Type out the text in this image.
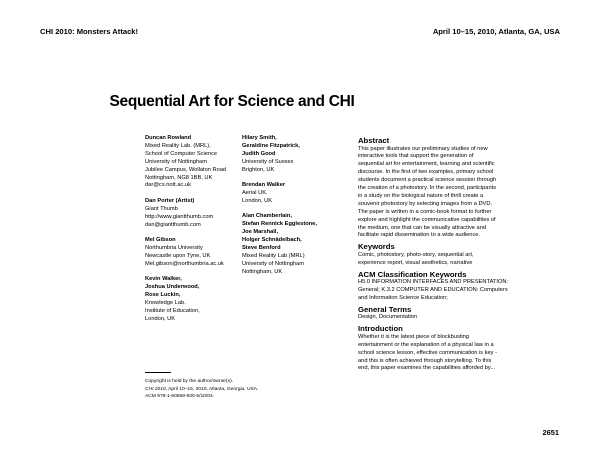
CHI 2010: Monsters Attack!	April 10–15, 2010, Atlanta, GA, USA
Sequential Art for Science and CHI
Duncan Rowland
Mixed Reality Lab. (MRL),
School of Computer Science
University of Nottingham
Jubilee Campus, Wollaton Road
Nottingham, NG8 1BB, UK
dar@cs.nott.ac.uk
Dan Porter (Artist)
Giant Thumb
http://www.giantthumb.com
dan@giantthumb.com
Mel Gibson
Northumbria University
Newcastle upon Tyne, UK
Mel.gibson@northumbria.ac.uk
Kevin Walker,
Joshua Underwood,
Rose Luckin,
Knowledge Lab.
Institute of Education,
London, UK
Hilary Smith,
Geraldine Fitzpatrick,
Judith Good
University of Sussex
Brighton, UK
Brendan Walker
Aerial UK.
London, UK
Alan Chamberlain,
Stefan Rennick Egglestone,
Joe Marshall,
Holger Schnädelbach,
Steve Benford
Mixed Reality Lab (MRL)
University of Nottingham
Nottingham, UK
Abstract
This paper illustrates our preliminary studies of new
interactive tools that support the generation of
sequential art for entertainment, learning and scientific
discourse. In the first of two examples, primary school
students document a practical science session through
the creation of a photostory. In the second, participants
in a study on the biological nature of thrill create a
souvenir photostory by selecting images from a DVD.
The paper is written in a comic-book format to further
explore and highlight the communicative capabilities of
the medium, one that can be visually attractive and
facilitate rapid dissemination to a wide audience.
Keywords
Comic, photostory, photo-story, sequential art,
experience report, visual aesthetics, narrative
ACM Classification Keywords
H5.0 INFORMATION INTERFACES AND PRESENTATION:
General; K.3.2 COMPUTER AND EDUCATION: Computers
and Information Science Education;
General Terms
Design, Documentation
Introduction
Whether it is the latest piece of blockbusting
entertainment or the explanation of a physical law in a
school science lesson, effective communication is key -
and this is often achieved through storytelling. To this
end, this paper examines the capabilities afforded by...
Copyright is held by the author/owner(s).
CHI 2010, April 10–15, 2010, Atlanta, Georgia, USA.
ACM 978-1-60558-930-5/10/04.
2651
